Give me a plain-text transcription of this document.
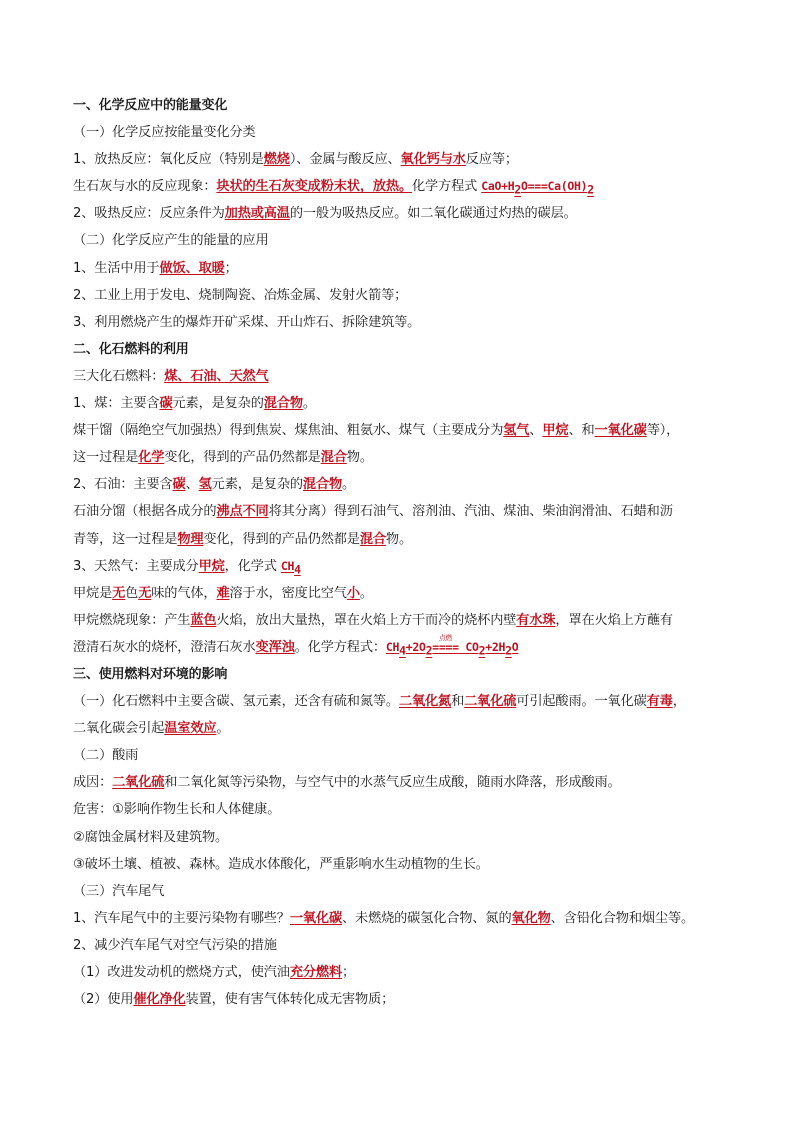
一、化学反应中的能量变化
（一）化学反应按能量变化分类
1、放热反应：氧化反应（特别是燃烧）、金属与酸反应、氧化钙与水反应等；
生石灰与水的反应现象：块状的生石灰变成粉末状，放热。化学方程式 $CaO+H_2O===Ca(OH)_2$
2、吸热反应：反应条件为加热或高温的一般为吸热反应。如二氧化碳通过灼热的碳层。
（二）化学反应产生的能量的应用
1、生活中用于做饭、取暖；
2、工业上用于发电、烧制陶瓷、冶炼金属、发射火箭等；
3、利用燃烧产生的爆炸开矿采煤、开山炸石、拆除建筑等。
二、化石燃料的利用
三大化石燃料：煤、石油、天然气
1、煤：主要含碳元素，是复杂的混合物。
煤干馏（隔绝空气加强热）得到焦炭、煤焦油、粗氨水、煤气（主要成分为氢气、甲烷、和一氧化碳等），
这一过程是化学变化，得到的产品仍然都是混合物。
2、石油：主要含碳、氢元素，是复杂的混合物。
石油分馏（根据各成分的沸点不同将其分离）得到石油气、溶剂油、汽油、煤油、柴油润滑油、石蜡和沥
青等，这一过程是物理变化，得到的产品仍然都是混合物。
3、天然气：主要成分甲烷，化学式 $CH_4$
甲烷是无色无味的气体，难溶于水，密度比空气小。
甲烷燃烧现象：产生蓝色火焰，放出大量热，罩在火焰上方干而冷的烧杯内壁有水珠，罩在火焰上方蘸有
澄清石灰水的烧杯，澄清石灰水变浑浊。化学方程式：$CH_4+2O_2$
点燃
==== $CO_2+2H_2O$
三、使用燃料对环境的影响
（一）化石燃料中主要含碳、氢元素，还含有硫和氮等。二氧化氮和二氧化硫可引起酸雨。一氧化碳有毒，
二氧化碳会引起温室效应。
（二）酸雨
成因：二氧化硫和二氧化氮等污染物，与空气中的水蒸气反应生成酸，随雨水降落，形成酸雨。
危害：①影响作物生长和人体健康。
②腐蚀金属材料及建筑物。
③破坏土壤、植被、森林。造成水体酸化，严重影响水生动植物的生长。
（三）汽车尾气
1、汽车尾气中的主要污染物有哪些？一氧化碳、未燃烧的碳氢化合物、氮的氧化物、含铅化合物和烟尘等。
2、减少汽车尾气对空气污染的措施
（1）改进发动机的燃烧方式，使汽油充分燃料；
（2）使用催化净化装置，使有害气体转化成无害物质；
